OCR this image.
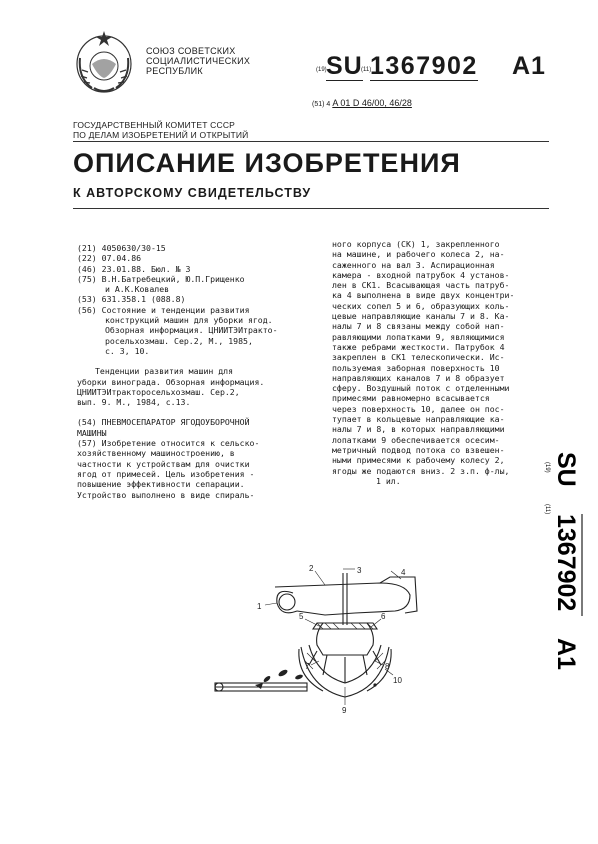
СОЮЗ СОВЕТСКИХ
СОЦИАЛИСТИЧЕСКИХ
РЕСПУБЛИК	(19) SU
(11)
1367902 A1
(51) 4 A 01 D 46/00, 46/28
ГОСУДАРСТВЕННЫЙ КОМИТЕТ СССР
ПО ДЕЛАМ ИЗОБРЕТЕНИЙ И ОТКРЫТИЙ
ОПИСАНИЕ ИЗОБРЕТЕНИЯ
К АВТОРСКОМУ СВИДЕТЕЛЬСТВУ

(21) 4050630/30-15

(22) 07.04.86

(46) 23.01.88. Бюл. № 3

(75) В.Н.Батребецкий, Ю.П.Грищенко

и А.К.Ковалев

(53) 631.358.1 (088.8)

(56) Состояние и тенденции развития

конструкций машин для уборки ягод.

Обзорная информация. ЦНИИТЭИтракто-

росельхозмаш. Сер.2, М., 1985,

с. 3, 10.

Тенденции развития машин для

уборки винограда. Обзорная информация.

ЦНИИТЭИтракторосельхозмаш. Сер.2,

вып. 9. М., 1984, с.13.

(54) ПНЕВМОСЕПАРАТОР ЯГОДОУБОРОЧНОЙ

МАШИНЫ

(57) Изобретение относится к сельско-

хозяйственному машиностроению, в

частности к устройствам для очистки

ягод от примесей. Цель изобретения -

повышение эффективности сепарации.

Устройство выполнено в виде спираль-

ного корпуса (СК) 1, закрепленного

на машине, и рабочего колеса 2, на-

саженного на вал 3. Аспирационная

камера - входной патрубок 4 установ-

лен в СК1. Всасывающая часть патруб-

ка 4 выполнена в виде двух концентри-

ческих сопел 5 и 6, образующих коль-

цевые направляющие каналы 7 и 8. Ка-

налы 7 и 8 связаны между собой нап-

равляющими лопатками 9, являющимися

также ребрами жесткости. Патрубок 4

закреплен в СК1 телескопически. Ис-

пользуемая заборная поверхность 10

направляющих каналов 7 и 8 образует

сферу. Воздушный поток с отделенными

примесями равномерно всасывается

через поверхность 10, далее он пос-

тупает в кольцевые направляющие ка-

налы 7 и 8, в которых направляющими

лопатками 9 обеспечивается осесим-

метричный подвод потока со взвешен-

ными примесями к рабочему колесу 2,

ягоды же подаются вниз. 2 з.п. ф-лы,

1 ил.

(19) SU
(11)
1367902
A1
1
2	3	4
5	6
7	8
9
10
